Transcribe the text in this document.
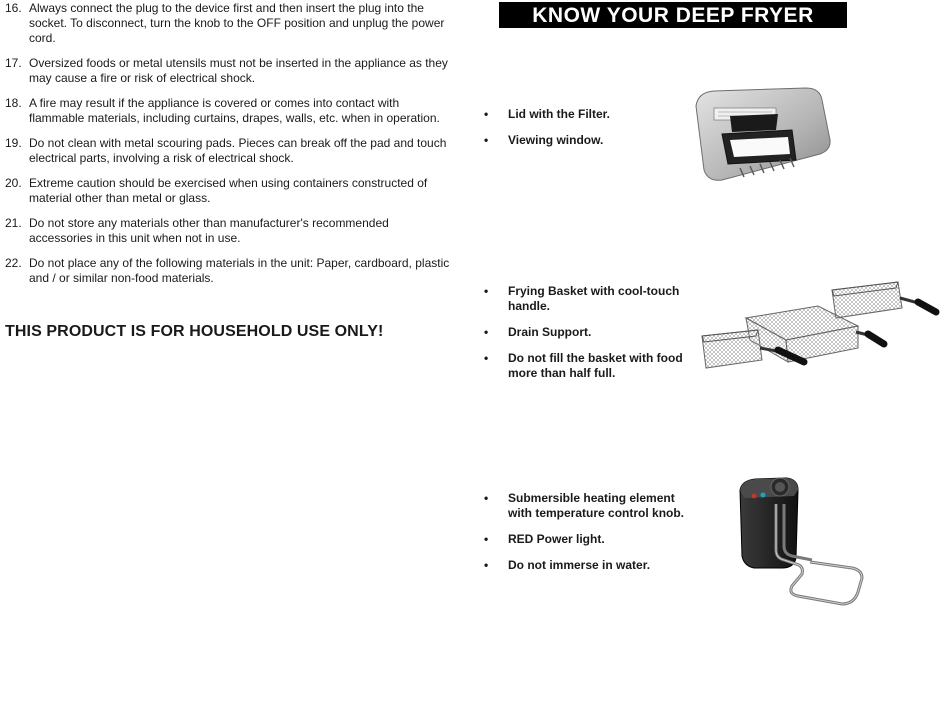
16. Always connect the plug to the device first and then insert the plug into the socket. To disconnect, turn the knob to the OFF position and unplug the power cord.
17. Oversized foods or metal utensils must not be inserted in the appliance as they may cause a fire or risk of electrical shock.
18. A fire may result if the appliance is covered or comes into contact with flammable materials, including curtains, drapes, walls, etc. when in operation.
19. Do not clean with metal scouring pads. Pieces can break off the pad and touch electrical parts, involving a risk of electrical shock.
20. Extreme caution should be exercised when using containers constructed of material other than metal or glass.
21. Do not store any materials other than manufacturer's recommended accessories in this unit when not in use.
22. Do not place any of the following materials in the unit: Paper, cardboard, plastic and / or similar non-food materials.
THIS PRODUCT IS FOR HOUSEHOLD USE ONLY!
KNOW YOUR DEEP FRYER
•	Lid with the Filter.
•	Viewing window.
•	Frying Basket with cool-touch handle.
•	Drain Support.
•	Do not fill the basket with food more than half full.
•	Submersible heating element with temperature control knob.
•	RED Power light.
•	Do not immerse in water.
